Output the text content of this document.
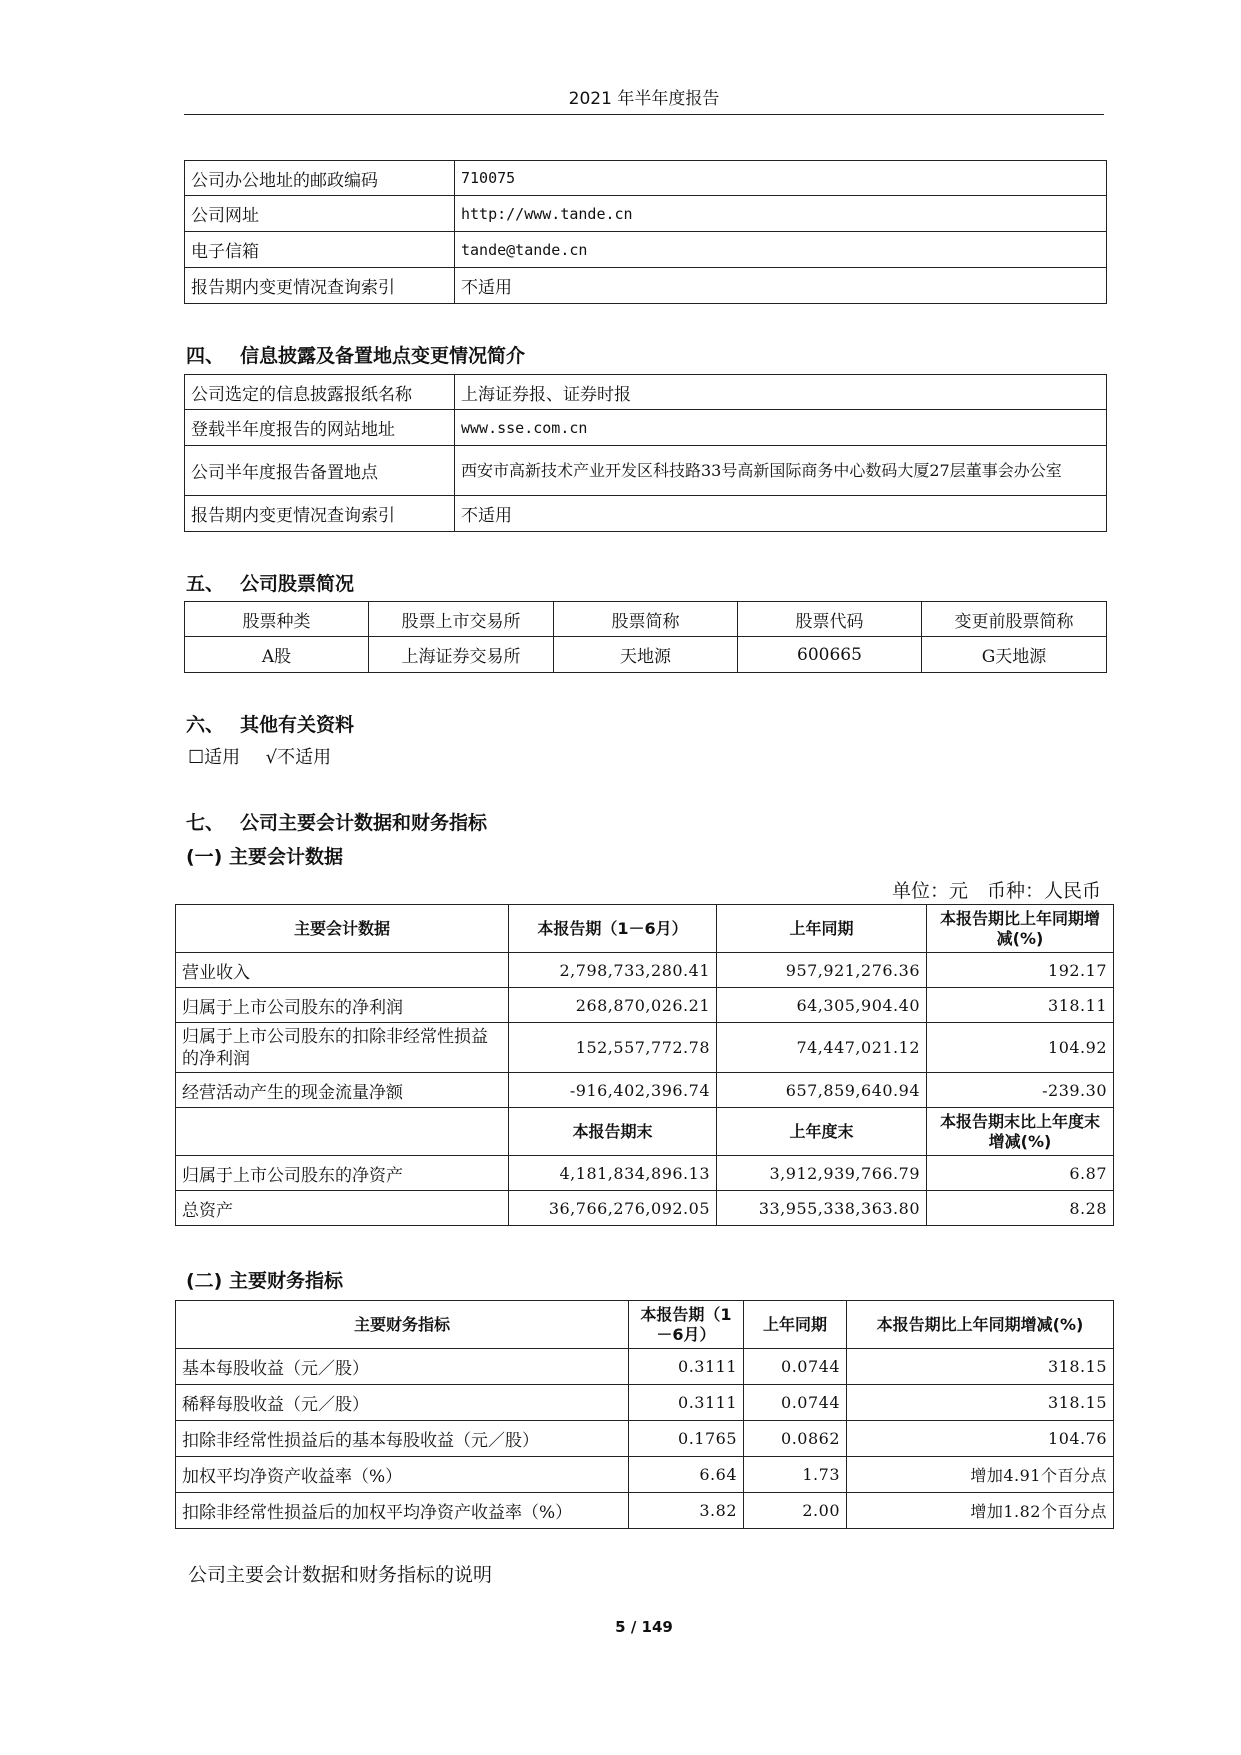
2021 年半年度报告
公司办公地址的邮政编码	710075
公司网址	http://www.tande.cn
电子信箱	tande@tande.cn
报告期内变更情况查询索引	不适用
四、 信息披露及备置地点变更情况简介
公司选定的信息披露报纸名称	上海证券报、证券时报
登载半年度报告的网站地址	www.sse.com.cn
公司半年度报告备置地点	西安市高新技术产业开发区科技路33号高新国际商务中心数码大厦27层董事会办公室
报告期内变更情况查询索引	不适用
五、 公司股票简况
股票种类	股票上市交易所	股票简称	股票代码	变更前股票简称
A股	上海证券交易所	天地源	600665	G天地源
六、 其他有关资料
☐适用 √不适用
七、 公司主要会计数据和财务指标
(一) 主要会计数据
单位：元　币种：人民币
主要会计数据	本报告期（1－6月）	上年同期	本报告期比上年同期增减(%)
营业收入	2,798,733,280.41	957,921,276.36	192.17
归属于上市公司股东的净利润	268,870,026.21	64,305,904.40	318.11
归属于上市公司股东的扣除非经常性损益的净利润	152,557,772.78	74,447,021.12	104.92
经营活动产生的现金流量净额	-916,402,396.74	657,859,640.94	-239.30
	本报告期末	上年度末	本报告期末比上年度末增减(%)
归属于上市公司股东的净资产	4,181,834,896.13	3,912,939,766.79	6.87
总资产	36,766,276,092.05	33,955,338,363.80	8.28
(二) 主要财务指标
主要财务指标	本报告期（1－6月）	上年同期	本报告期比上年同期增减(%)
基本每股收益（元／股）	0.3111	0.0744	318.15
稀释每股收益（元／股）	0.3111	0.0744	318.15
扣除非经常性损益后的基本每股收益（元／股）	0.1765	0.0862	104.76
加权平均净资产收益率（%）	6.64	1.73	增加4.91个百分点
扣除非经常性损益后的加权平均净资产收益率（%）	3.82	2.00	增加1.82个百分点
公司主要会计数据和财务指标的说明
5 / 149
